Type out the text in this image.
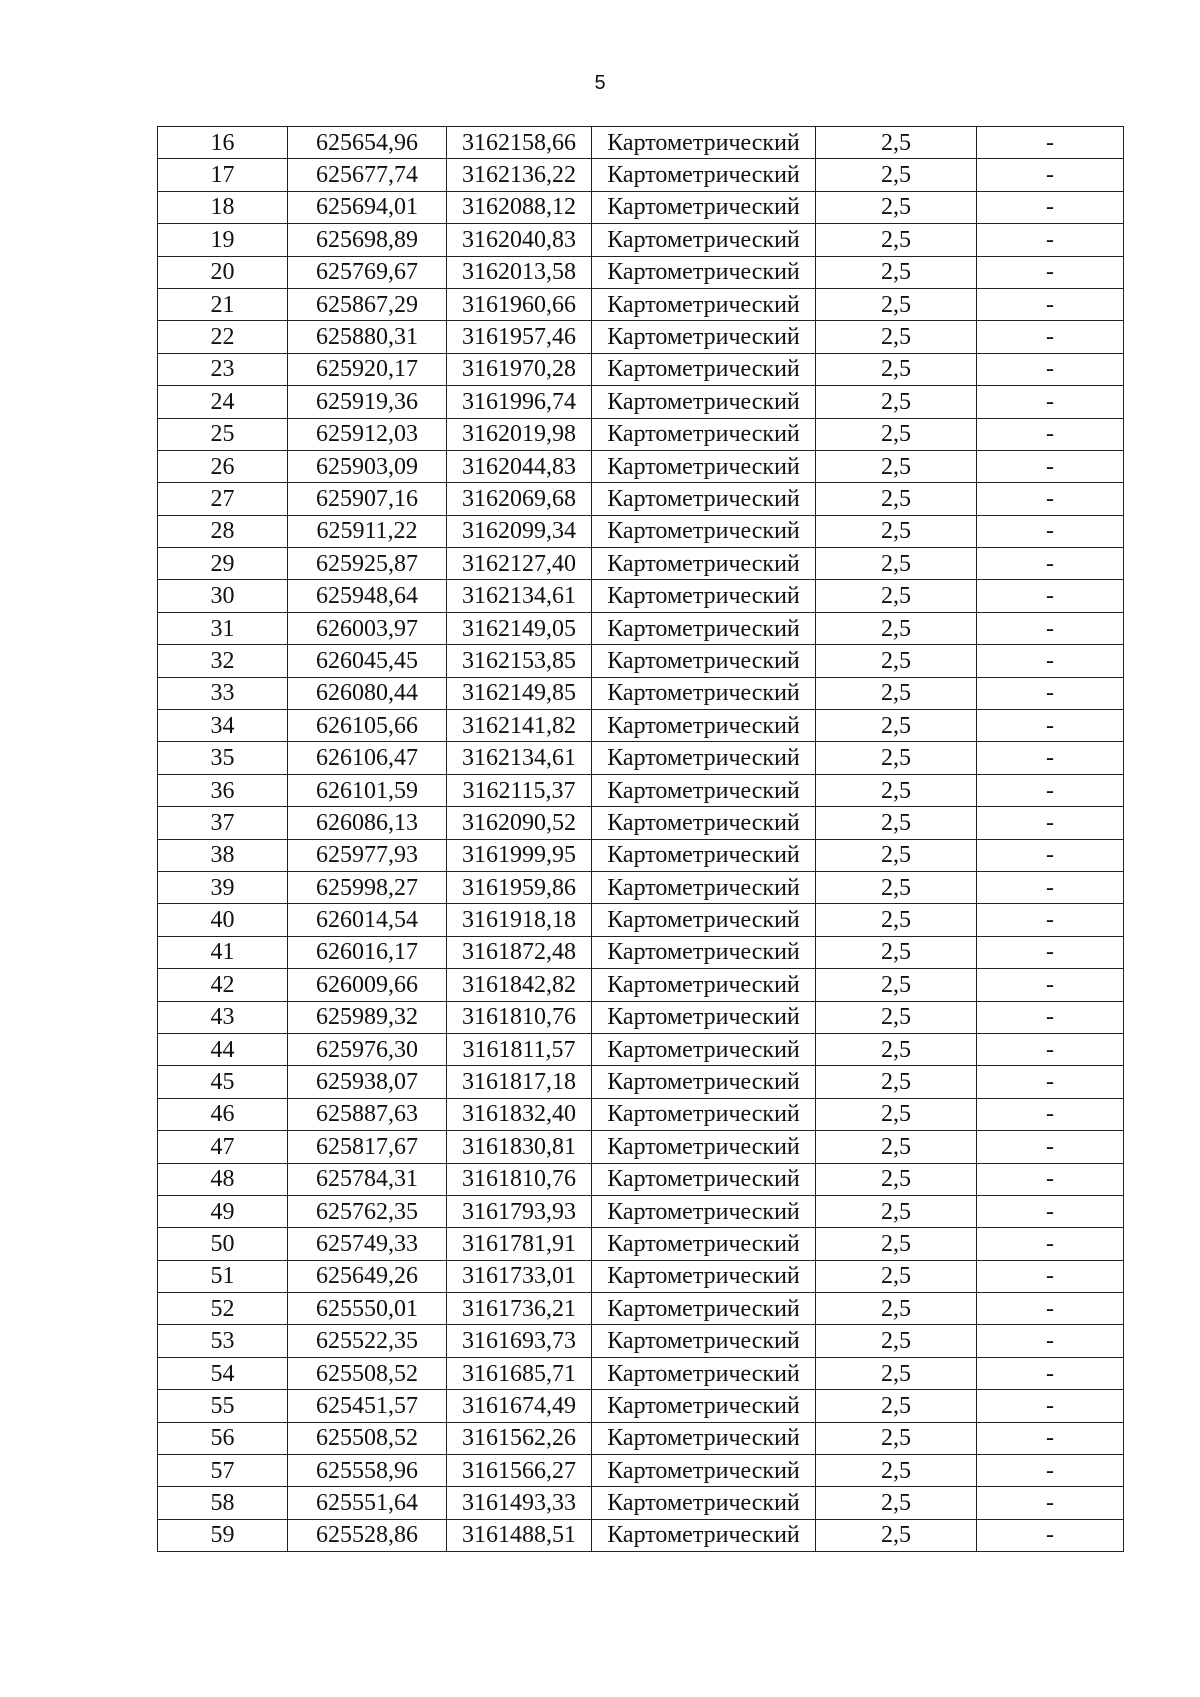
5
16	625654,96	3162158,66	Картометрический	2,5	-
17	625677,74	3162136,22	Картометрический	2,5	-
18	625694,01	3162088,12	Картометрический	2,5	-
19	625698,89	3162040,83	Картометрический	2,5	-
20	625769,67	3162013,58	Картометрический	2,5	-
21	625867,29	3161960,66	Картометрический	2,5	-
22	625880,31	3161957,46	Картометрический	2,5	-
23	625920,17	3161970,28	Картометрический	2,5	-
24	625919,36	3161996,74	Картометрический	2,5	-
25	625912,03	3162019,98	Картометрический	2,5	-
26	625903,09	3162044,83	Картометрический	2,5	-
27	625907,16	3162069,68	Картометрический	2,5	-
28	625911,22	3162099,34	Картометрический	2,5	-
29	625925,87	3162127,40	Картометрический	2,5	-
30	625948,64	3162134,61	Картометрический	2,5	-
31	626003,97	3162149,05	Картометрический	2,5	-
32	626045,45	3162153,85	Картометрический	2,5	-
33	626080,44	3162149,85	Картометрический	2,5	-
34	626105,66	3162141,82	Картометрический	2,5	-
35	626106,47	3162134,61	Картометрический	2,5	-
36	626101,59	3162115,37	Картометрический	2,5	-
37	626086,13	3162090,52	Картометрический	2,5	-
38	625977,93	3161999,95	Картометрический	2,5	-
39	625998,27	3161959,86	Картометрический	2,5	-
40	626014,54	3161918,18	Картометрический	2,5	-
41	626016,17	3161872,48	Картометрический	2,5	-
42	626009,66	3161842,82	Картометрический	2,5	-
43	625989,32	3161810,76	Картометрический	2,5	-
44	625976,30	3161811,57	Картометрический	2,5	-
45	625938,07	3161817,18	Картометрический	2,5	-
46	625887,63	3161832,40	Картометрический	2,5	-
47	625817,67	3161830,81	Картометрический	2,5	-
48	625784,31	3161810,76	Картометрический	2,5	-
49	625762,35	3161793,93	Картометрический	2,5	-
50	625749,33	3161781,91	Картометрический	2,5	-
51	625649,26	3161733,01	Картометрический	2,5	-
52	625550,01	3161736,21	Картометрический	2,5	-
53	625522,35	3161693,73	Картометрический	2,5	-
54	625508,52	3161685,71	Картометрический	2,5	-
55	625451,57	3161674,49	Картометрический	2,5	-
56	625508,52	3161562,26	Картометрический	2,5	-
57	625558,96	3161566,27	Картометрический	2,5	-
58	625551,64	3161493,33	Картометрический	2,5	-
59	625528,86	3161488,51	Картометрический	2,5	-
